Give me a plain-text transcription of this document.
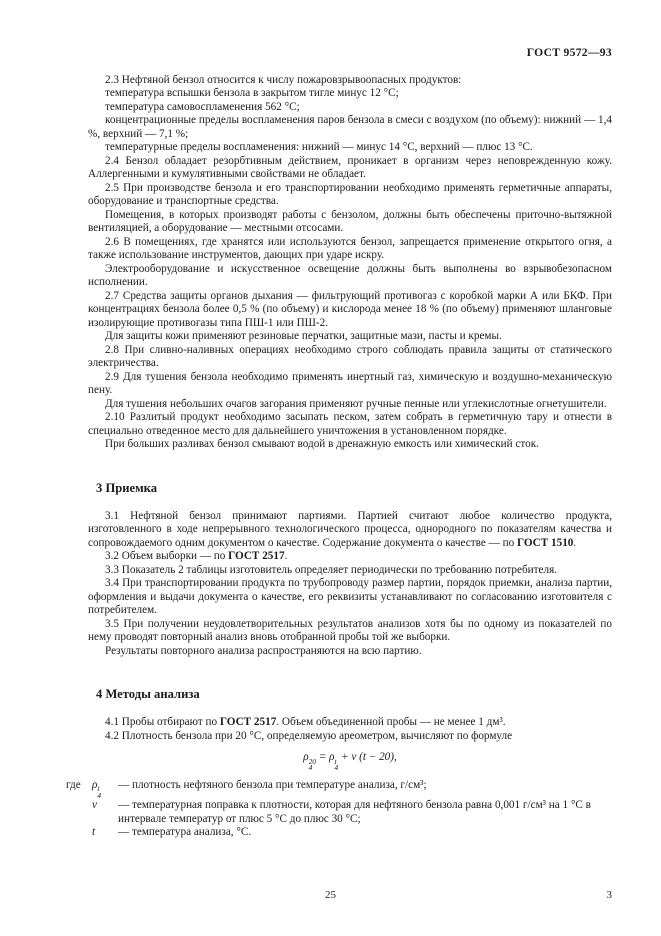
ГОСТ 9572—93

2.3 Нефтяной бензол относится к числу пожаровзрывоопасных продуктов:

температура вспышки бензола в закрытом тигле минус 12 °С;

температура самовоспламенения 562 °С;

концентрационные пределы воспламенения паров бензола в смеси с воздухом (по объему): нижний — 1,4 %, верхний — 7,1 %;

температурные пределы воспламенения: нижний — минус 14 °С, верхний — плюс 13 °С.

2.4 Бензол обладает резорбтивным действием, проникает в организм через неповрежденную кожу. Аллергенными и кумулятивными свойствами не обладает.

2.5 При производстве бензола и его транспортировании необходимо применять герметичные аппараты, оборудование и транспортные средства.

Помещения, в которых производят работы с бензолом, должны быть обеспечены приточно-вытяжной вентиляцией, а оборудование — местными отсосами.

2.6 В помещениях, где хранятся или используются бензол, запрещается применение открытого огня, а также использование инструментов, дающих при ударе искру.

Электрооборудование и искусственное освещение должны быть выполнены во взрывобезопасном исполнении.

2.7 Средства защиты органов дыхания — фильтрующий противогаз с коробкой марки А или БКФ. При концентрациях бензола более 0,5 % (по объему) и кислорода менее 18 % (по объему) применяют шланговые изолирующие противогазы типа ПШ-1 или ПШ-2.

Для защиты кожи применяют резиновые перчатки, защитные мази, пасты и кремы.

2.8 При сливно-наливных операциях необходимо строго соблюдать правила защиты от статического электричества.

2.9 Для тушения бензола необходимо применять инертный газ, химическую и воздушно-механическую пену.

Для тушения небольших очагов загорания применяют ручные пенные или углекислотные огнетушители.

2.10 Разлитый продукт необходимо засыпать песком, затем собрать в герметичную тару и отнести в специально отведенное место для дальнейшего уничтожения в установленном порядке.

При больших разливах бензол смывают водой в дренажную емкость или химический сток.

3 Приемка

3.1 Нефтяной бензол принимают партиями. Партией считают любое количество продукта, изготовленного в ходе непрерывного технологического процесса, однородного по показателям качества и сопровождаемого одним документом о качестве. Содержание документа о качестве — по ГОСТ 1510.

3.2 Объем выборки — по ГОСТ 2517.

3.3 Показатель 2 таблицы изготовитель определяет периодически по требованию потребителя.

3.4 При транспортировании продукта по трубопроводу размер партии, порядок приемки, анализа партии, оформления и выдачи документа о качестве, его реквизиты устанавливают по согласованию изготовителя с потребителем.

3.5 При получении неудовлетворительных результатов анализов хотя бы по одному из показателей по нему проводят повторный анализ вновь отобранной пробы той же выборки.

Результаты повторного анализа распространяются на всю партию.

4 Методы анализа

4.1 Пробы отбирают по ГОСТ 2517. Объем объединенной пробы — не менее 1 дм³.

4.2 Плотность бензола при 20 °С, определяемую ареометром, вычисляют по формуле

ρ 20
4
= ρ t
4
+ ν (t − 20),
где	ρ t
4
— плотность нефтяного бензола при температуре анализа, г/см³;
ν	— температурная поправка к плотности, которая для нефтяного бензола равна 0,001 г/см³ на 1 °С в интервале температур от плюс 5 °С до плюс 30 °С;
t	— температура анализа, °С.
25	3
